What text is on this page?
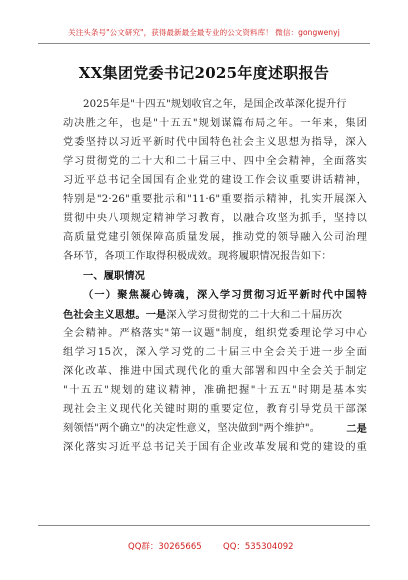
关注头条号"公文研究"，获得最新最全最专业的公文资料库！ 微信：gongwenyj
XX集团党委书记2025年度述职报告
2025年是"十四五"规划收官之年，是国企改革深化提升行
动决胜之年，也是"十五五"规划谋篇布局之年。一年来，集团
党委坚持以习近平新时代中国特色社会主义思想为指导，深入
学习贯彻党的二十大和二十届三中、四中全会精神，全面落实
习近平总书记全国国有企业党的建设工作会议重要讲话精神，
特别是"2·26"重要批示和"11·6"重要指示精神，扎实开展深入
贯彻中央八项规定精神学习教育，以融合攻坚为抓手，坚持以
高质量党建引领保障高质量发展，推动党的领导融入公司治理
各环节，各项工作取得积极成效。现将履职情况报告如下：
一、履职情况
（一）聚焦凝心铸魂，深入学习贯彻习近平新时代中国特
色社会主义思想。一是深入学习贯彻党的二十大和二十届历次
全会精神。严格落实"第一议题"制度，组织党委理论学习中心
组学习15次，深入学习党的二十届三中全会关于进一步全面
深化改革、推进中国式现代化的重大部署和四中全会关于制定
"十五五"规划的建议精神，准确把握"十五五"时期是基本实
现社会主义现代化关键时期的重要定位，教育引导党员干部深
刻领悟"两个确立"的决定性意义，坚决做到"两个维护"。	二是
深化落实习近平总书记关于国有企业改革发展和党的建设的重
QQ群：30265665	QQ：535304092
